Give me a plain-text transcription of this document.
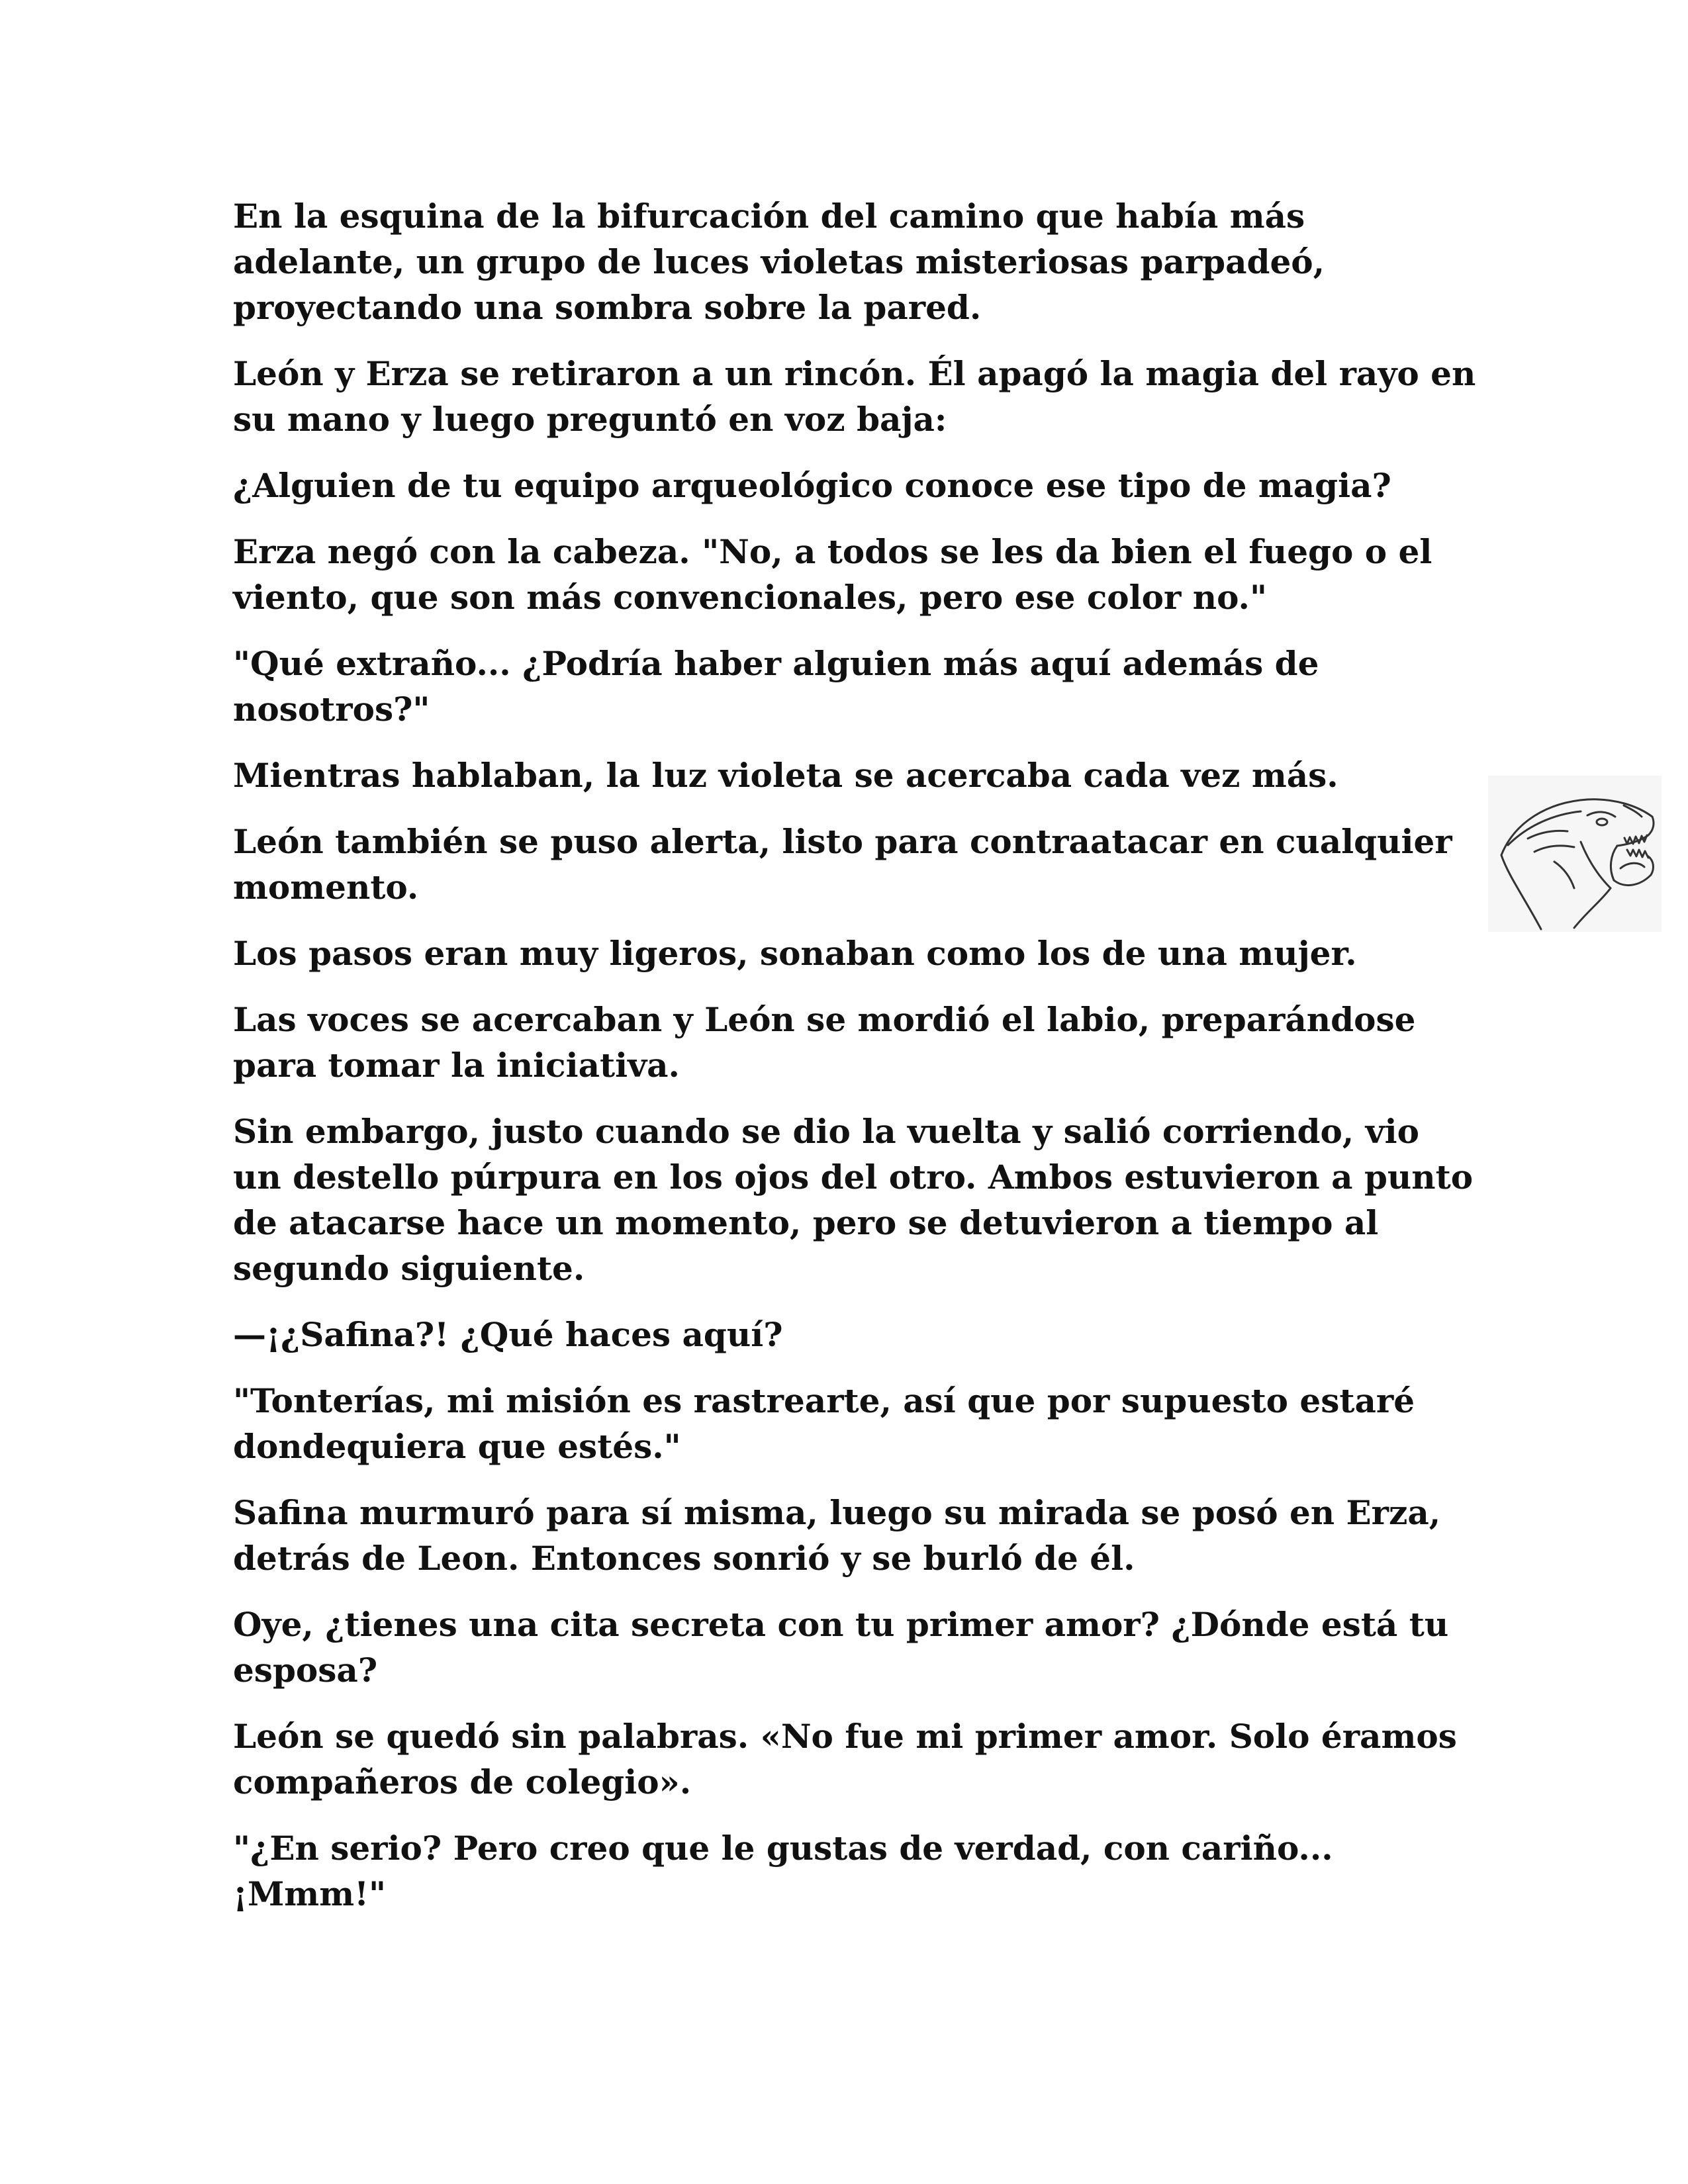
En la esquina de la bifurcación del camino que había más adelante, un grupo de luces violetas misteriosas parpadeó, proyectando una sombra sobre la pared.

León y Erza se retiraron a un rincón. Él apagó la magia del rayo en su mano y luego preguntó en voz baja:

¿Alguien de tu equipo arqueológico conoce ese tipo de magia?

Erza negó con la cabeza. "No, a todos se les da bien el fuego o el viento, que son más convencionales, pero ese color no."

"Qué extraño... ¿Podría haber alguien más aquí además de nosotros?"

Mientras hablaban, la luz violeta se acercaba cada vez más.

León también se puso alerta, listo para contraatacar en cualquier momento.

Los pasos eran muy ligeros, sonaban como los de una mujer.

Las voces se acercaban y León se mordió el labio, preparándose para tomar la iniciativa.

Sin embargo, justo cuando se dio la vuelta y salió corriendo, vio un destello púrpura en los ojos del otro. Ambos estuvieron a punto de atacarse hace un momento, pero se detuvieron a tiempo al segundo siguiente.

—¡¿Safina?! ¿Qué haces aquí?

"Tonterías, mi misión es rastrearte, así que por supuesto estaré dondequiera que estés."

Safina murmuró para sí misma, luego su mirada se posó en Erza, detrás de Leon. Entonces sonrió y se burló de él.

Oye, ¿tienes una cita secreta con tu primer amor? ¿Dónde está tu esposa?

León se quedó sin palabras. «No fue mi primer amor. Solo éramos compañeros de colegio».

"¿En serio? Pero creo que le gustas de verdad, con cariño... ¡Mmm!"
